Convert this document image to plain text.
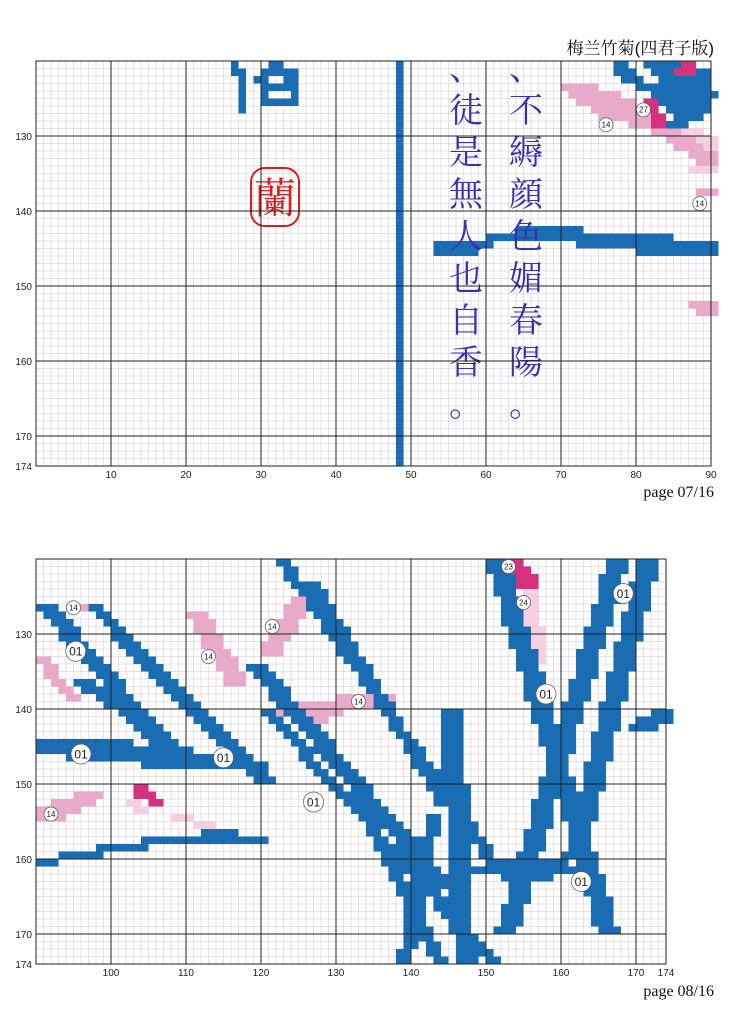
梅兰竹菊(四君子版)
蘭
、
不
縟
顔
色
媚
春
陽
。
、
徒
是
無
人
也
自
香
。
14
27
14
130
140
150
160
170
174
10	20	30	40	50	60	70	80	90
page 07/16
01
01	01
01
01
01
01
14
14
14
14
14
23
24
130
140
150
160
170
174
100	110	120	130	140	150	160	170 174
page 08/16
